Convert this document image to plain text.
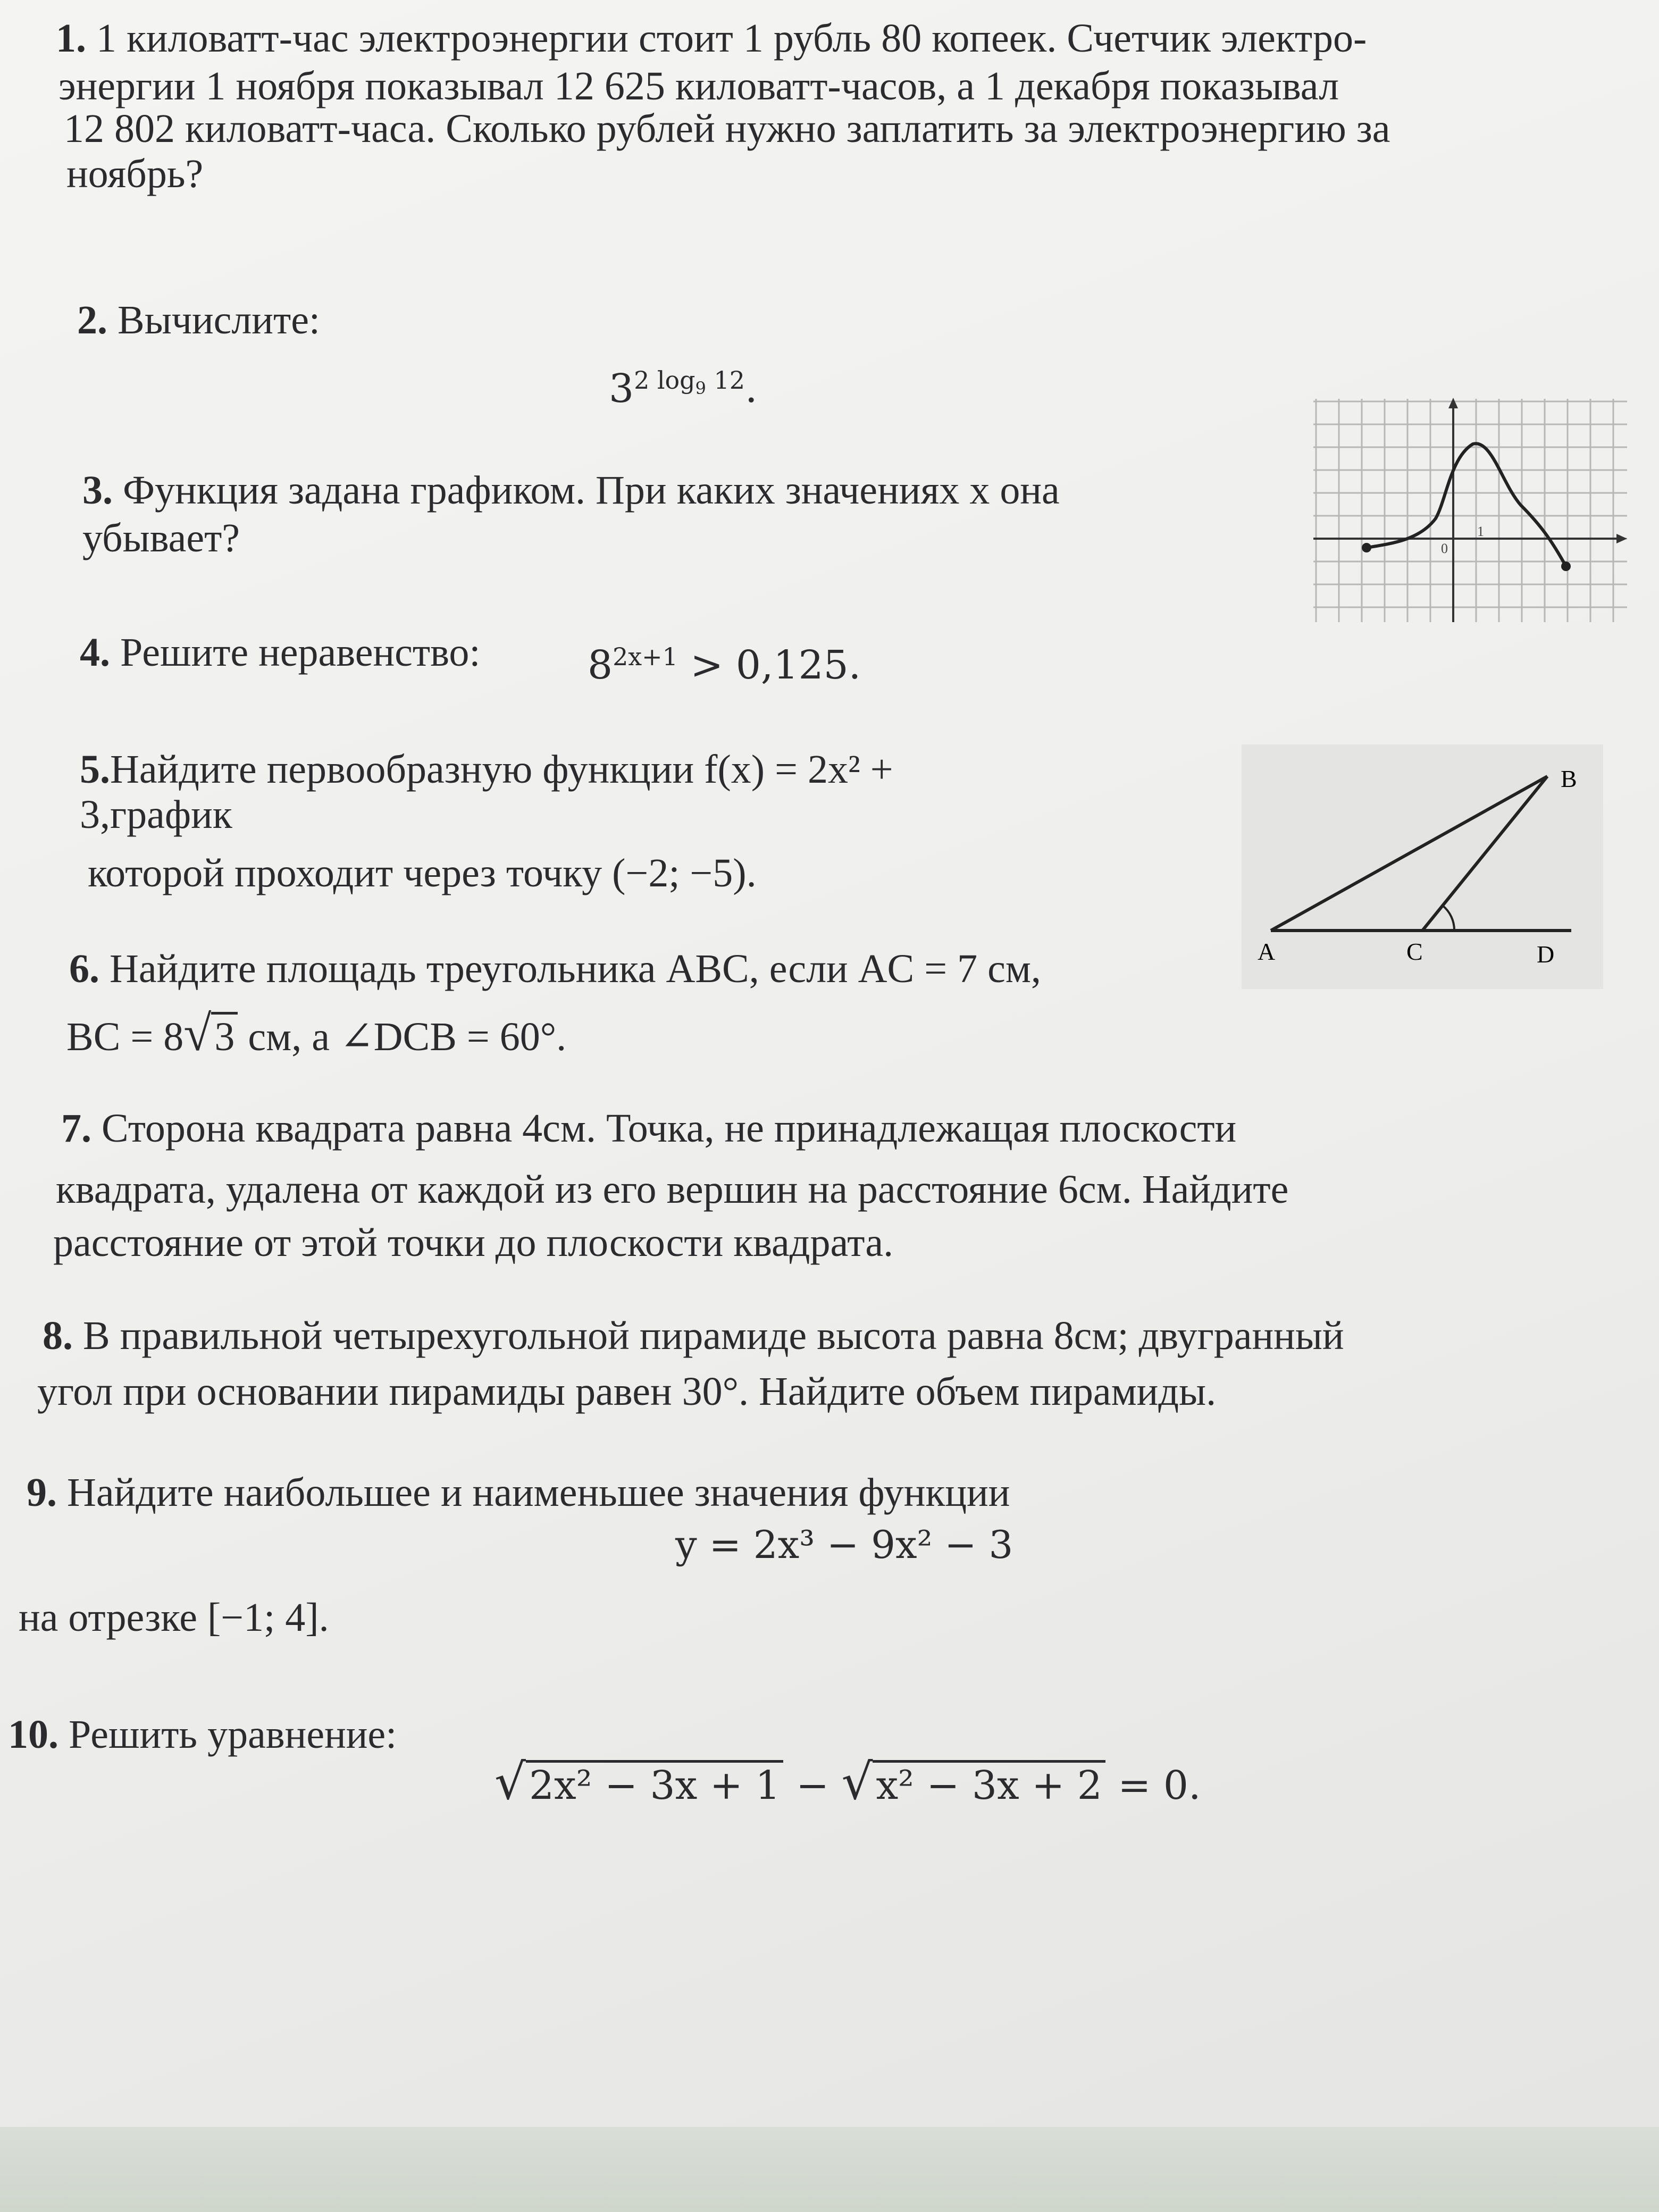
1. 1 киловатт-час электроэнергии стоит 1 рубль 80 копеек. Счетчик электро-
энергии 1 ноября показывал 12 625 киловатт-часов, а 1 декабря показывал
12 802 киловатт-часа. Сколько рублей нужно заплатить за электроэнергию за
ноябрь?
2. Вычислите:
$3^{2 log_9 12}$.
3. Функция задана графиком. При каких значениях x она
убывает?	0
1
4. Решите неравенство:	$8^{2x+1} > 0,125$.
5.Найдите первообразную функции f(x) = 2x² +
3,график
которой проходит через точку (−2; −5).
A
B
C	D
6. Найдите площадь треугольника ABC, если AC = 7 см,
BC = 8√3 см, а ∠DCB = 60°.
7. Сторона квадрата равна 4см. Точка, не принадлежащая плоскости
квадрата, удалена от каждой из его вершин на расстояние 6см. Найдите
расстояние от этой точки до плоскости квадрата.
8. В правильной четырехугольной пирамиде высота равна 8см; двугранный
угол при основании пирамиды равен 30°. Найдите объем пирамиды.
9. Найдите наибольшее и наименьшее значения функции
y = 2x³ − 9x² − 3
на отрезке [−1; 4].
10. Решить уравнение:
√2x² − 3x + 1 − √x² − 3x + 2 = 0.
